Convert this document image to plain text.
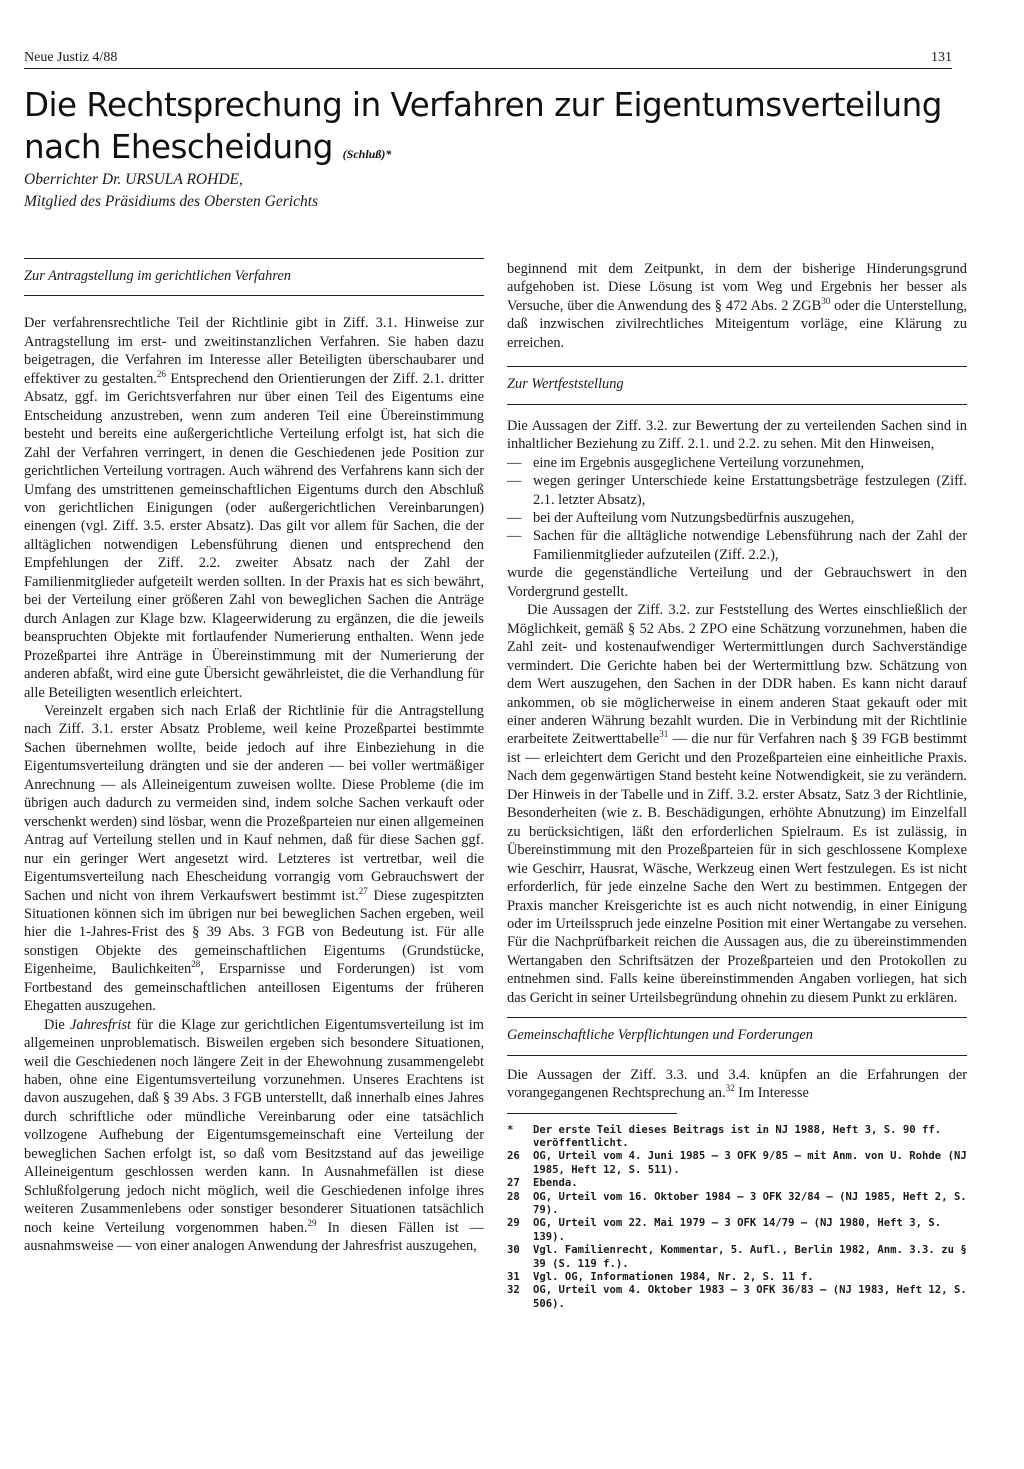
Neue Justiz 4/88	131
Die Rechtsprechung in Verfahren zur Eigentumsverteilung nach Ehescheidung (Schluß)*
Oberrichter Dr. URSULA ROHDE,
Mitglied des Präsidiums des Obersten Gerichts
Zur Antragstellung im gerichtlichen Verfahren

Der verfahrensrechtliche Teil der Richtlinie gibt in Ziff. 3.1. Hinweise zur Antragstellung im erst- und zweitinstanzlichen Verfahren. Sie haben dazu beigetragen, die Verfahren im Interesse aller Beteiligten überschaubarer und effektiver zu gestalten.$^{26}$ Entsprechend den Orientierungen der Ziff. 2.1. dritter Absatz, ggf. im Gerichtsverfahren nur über einen Teil des Eigentums eine Entscheidung anzustreben, wenn zum anderen Teil eine Übereinstimmung besteht und bereits eine außergerichtliche Verteilung erfolgt ist, hat sich die Zahl der Verfahren verringert, in denen die Geschiedenen jede Position zur gerichtlichen Verteilung vortragen. Auch während des Verfahrens kann sich der Umfang des umstrittenen gemeinschaftlichen Eigentums durch den Abschluß von gerichtlichen Einigungen (oder außergerichtlichen Vereinbarungen) einengen (vgl. Ziff. 3.5. erster Absatz). Das gilt vor allem für Sachen, die der alltäglichen notwendigen Lebensführung dienen und entsprechend den Empfehlungen der Ziff. 2.2. zweiter Absatz nach der Zahl der Familienmitglieder aufgeteilt werden sollten. In der Praxis hat es sich bewährt, bei der Verteilung einer größeren Zahl von beweglichen Sachen die Anträge durch Anlagen zur Klage bzw. Klageerwiderung zu ergänzen, die die jeweils beanspruchten Objekte mit fortlaufender Numerierung enthalten. Wenn jede Prozeßpartei ihre Anträge in Übereinstimmung mit der Numerierung der anderen abfaßt, wird eine gute Übersicht gewährleistet, die die Verhandlung für alle Beteiligten wesentlich erleichtert.

Vereinzelt ergaben sich nach Erlaß der Richtlinie für die Antragstellung nach Ziff. 3.1. erster Absatz Probleme, weil keine Prozeßpartei bestimmte Sachen übernehmen wollte, beide jedoch auf ihre Einbeziehung in die Eigentumsverteilung drängten und sie der anderen — bei voller wertmäßiger Anrechnung — als Alleineigentum zuweisen wollte. Diese Probleme (die im übrigen auch dadurch zu vermeiden sind, indem solche Sachen verkauft oder verschenkt werden) sind lösbar, wenn die Prozeßparteien nur einen allgemeinen Antrag auf Verteilung stellen und in Kauf nehmen, daß für diese Sachen ggf. nur ein geringer Wert angesetzt wird. Letzteres ist vertretbar, weil die Eigentumsverteilung nach Ehescheidung vorrangig vom Gebrauchswert der Sachen und nicht von ihrem Verkaufswert bestimmt ist.$^{27}$ Diese zugespitzten Situationen können sich im übrigen nur bei beweglichen Sachen ergeben, weil hier die 1-Jahres-Frist des § 39 Abs. 3 FGB von Bedeutung ist. Für alle sonstigen Objekte des gemeinschaftlichen Eigentums (Grundstücke, Eigenheime, Baulichkeiten$^{28}$, Ersparnisse und Forderungen) ist vom Fortbestand des gemeinschaftlichen anteillosen Eigentums der früheren Ehegatten auszugehen.

Die Jahresfrist für die Klage zur gerichtlichen Eigentumsverteilung ist im allgemeinen unproblematisch. Bisweilen ergeben sich besondere Situationen, weil die Geschiedenen noch längere Zeit in der Ehewohnung zusammengelebt haben, ohne eine Eigentumsverteilung vorzunehmen. Unseres Erachtens ist davon auszugehen, daß § 39 Abs. 3 FGB unterstellt, daß innerhalb eines Jahres durch schriftliche oder mündliche Vereinbarung oder eine tatsächlich vollzogene Aufhebung der Eigentumsgemeinschaft eine Verteilung der beweglichen Sachen erfolgt ist, so daß vom Besitzstand auf das jeweilige Alleineigentum geschlossen werden kann. In Ausnahmefällen ist diese Schlußfolgerung jedoch nicht möglich, weil die Geschiedenen infolge ihres weiteren Zusammenlebens oder sonstiger besonderer Situationen tatsächlich noch keine Verteilung vorgenommen haben.$^{29}$ In diesen Fällen ist — ausnahmsweise — von einer analogen Anwendung der Jahresfrist auszugehen,

beginnend mit dem Zeitpunkt, in dem der bisherige Hinderungsgrund aufgehoben ist. Diese Lösung ist vom Weg und Ergebnis her besser als Versuche, über die Anwendung des § 472 Abs. 2 ZGB$^{30}$ oder die Unterstellung, daß inzwischen zivilrechtliches Miteigentum vorläge, eine Klärung zu erreichen.

Zur Wertfeststellung

Die Aussagen der Ziff. 3.2. zur Bewertung der zu verteilenden Sachen sind in inhaltlicher Beziehung zu Ziff. 2.1. und 2.2. zu sehen. Mit den Hinweisen,

— eine im Ergebnis ausgeglichene Verteilung vorzunehmen,
— wegen geringer Unterschiede keine Erstattungsbeträge festzulegen (Ziff. 2.1. letzter Absatz),
— bei der Aufteilung vom Nutzungsbedürfnis auszugehen,
— Sachen für die alltägliche notwendige Lebensführung nach der Zahl der Familienmitglieder aufzuteilen (Ziff. 2.2.),

wurde die gegenständliche Verteilung und der Gebrauchswert in den Vordergrund gestellt.

Die Aussagen der Ziff. 3.2. zur Feststellung des Wertes einschließlich der Möglichkeit, gemäß § 52 Abs. 2 ZPO eine Schätzung vorzunehmen, haben die Zahl zeit- und kostenaufwendiger Wertermittlungen durch Sachverständige vermindert. Die Gerichte haben bei der Wertermittlung bzw. Schätzung von dem Wert auszugehen, den Sachen in der DDR haben. Es kann nicht darauf ankommen, ob sie möglicherweise in einem anderen Staat gekauft oder mit einer anderen Währung bezahlt wurden. Die in Verbindung mit der Richtlinie erarbeitete Zeitwerttabelle$^{31}$ — die nur für Verfahren nach § 39 FGB bestimmt ist — erleichtert dem Gericht und den Prozeßparteien eine einheitliche Praxis. Nach dem gegenwärtigen Stand besteht keine Notwendigkeit, sie zu verändern. Der Hinweis in der Tabelle und in Ziff. 3.2. erster Absatz, Satz 3 der Richtlinie, Besonderheiten (wie z. B. Beschädigungen, erhöhte Abnutzung) im Einzelfall zu berücksichtigen, läßt den erforderlichen Spielraum. Es ist zulässig, in Übereinstimmung mit den Prozeßparteien für in sich geschlossene Komplexe wie Geschirr, Hausrat, Wäsche, Werkzeug einen Wert festzulegen. Es ist nicht erforderlich, für jede einzelne Sache den Wert zu bestimmen. Entgegen der Praxis mancher Kreisgerichte ist es auch nicht notwendig, in einer Einigung oder im Urteilsspruch jede einzelne Position mit einer Wertangabe zu versehen. Für die Nachprüfbarkeit reichen die Aussagen aus, die zu übereinstimmenden Wertangaben den Schriftsätzen der Prozeßparteien und den Protokollen zu entnehmen sind. Falls keine übereinstimmenden Angaben vorliegen, hat sich das Gericht in seiner Urteilsbegründung ohnehin zu diesem Punkt zu erklären.

Gemeinschaftliche Verpflichtungen und Forderungen

Die Aussagen der Ziff. 3.3. und 3.4. knüpfen an die Erfahrungen der vorangegangenen Rechtsprechung an.$^{32}$ Im Interesse

*	Der erste Teil dieses Beitrags ist in NJ 1988, Heft 3, S. 90 ff. veröffentlicht.
26	OG, Urteil vom 4. Juni 1985 — 3 OFK 9/85 — mit Anm. von U. Rohde (NJ 1985, Heft 12, S. 511).
27	Ebenda.
28	OG, Urteil vom 16. Oktober 1984 — 3 OFK 32/84 — (NJ 1985, Heft 2, S. 79).
29	OG, Urteil vom 22. Mai 1979 — 3 OFK 14/79 — (NJ 1980, Heft 3, S. 139).
30	Vgl. Familienrecht, Kommentar, 5. Aufl., Berlin 1982, Anm. 3.3. zu § 39 (S. 119 f.).
31	Vgl. OG, Informationen 1984, Nr. 2, S. 11 f.
32	OG, Urteil vom 4. Oktober 1983 — 3 OFK 36/83 — (NJ 1983, Heft 12, S. 506).
